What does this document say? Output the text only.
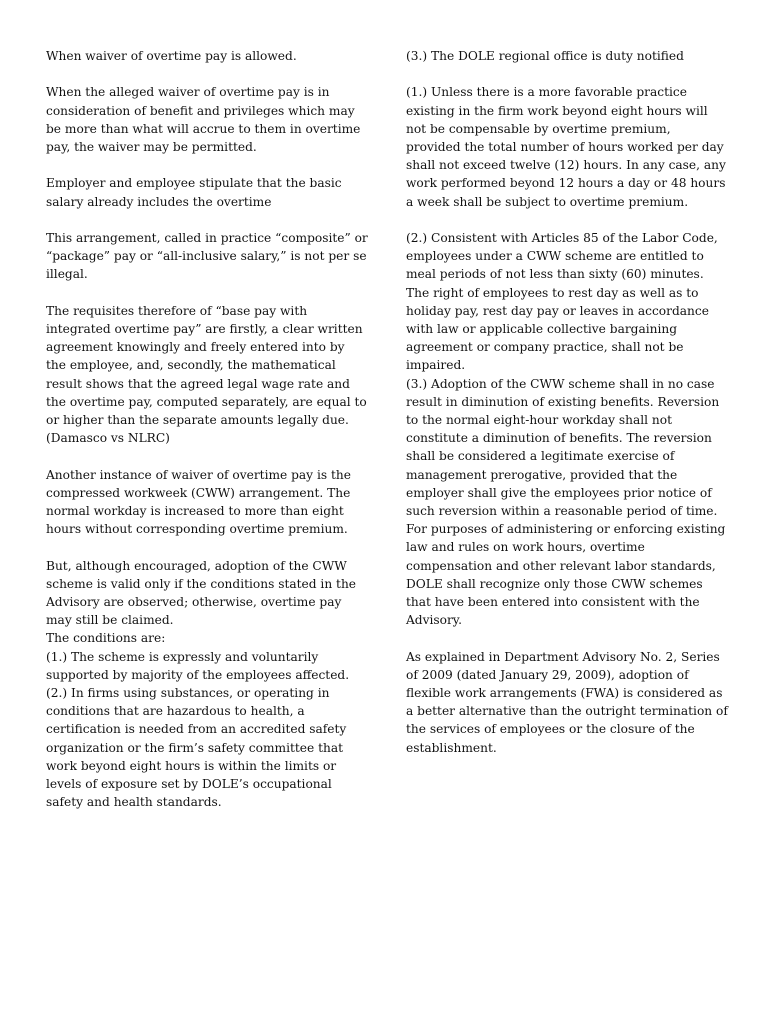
When waiver of overtime pay is allowed.

When the alleged waiver of overtime pay is in consideration of benefit and privileges which may be more than what will accrue to them in overtime pay, the waiver may be permitted.

Employer and employee stipulate that the basic salary already includes the overtime

This arrangement, called in practice “composite” or “package” pay or “all-inclusive salary,” is not per se illegal.

The requisites therefore of “base pay with integrated overtime pay” are firstly, a clear written agreement knowingly and freely entered into by the employee, and, secondly, the mathematical result shows that the agreed legal wage rate and the overtime pay, computed separately, are equal to or higher than the separate amounts legally due. (Damasco vs NLRC)

Another instance of waiver of overtime pay is the compressed workweek (CWW) arrangement. The normal workday is increased to more than eight hours without corresponding overtime premium.

But, although encouraged, adoption of the CWW scheme is valid only if the conditions stated in the Advisory are observed; otherwise, overtime pay may still be claimed.

The conditions are:

(1.) The scheme is expressly and voluntarily supported by majority of the employees affected.

(2.) In firms using substances, or operating in conditions that are hazardous to health, a certification is needed from an accredited safety organization or the firm’s safety committee that work beyond eight hours is within the limits or levels of exposure set by DOLE’s occupational safety and health standards.

(3.) The DOLE regional office is duty notified

(1.) Unless there is a more favorable practice existing in the firm work beyond eight hours will not be compensable by overtime premium, provided the total number of hours worked per day shall not exceed twelve (12) hours. In any case, any work performed beyond 12 hours a day or 48 hours a week shall be subject to overtime premium.

(2.) Consistent with Articles 85 of the Labor Code, employees under a CWW scheme are entitled to meal periods of not less than sixty (60) minutes. The right of employees to rest day as well as to holiday pay, rest day pay or leaves in accordance with law or applicable collective bargaining agreement or company practice, shall not be impaired.

(3.) Adoption of the CWW scheme shall in no case result in diminution of existing benefits. Reversion to the normal eight-hour workday shall not constitute a diminution of benefits. The reversion shall be considered a legitimate exercise of management prerogative, provided that the employer shall give the employees prior notice of such reversion within a reasonable period of time.

For purposes of administering or enforcing existing law and rules on work hours, overtime compensation and other relevant labor standards, DOLE shall recognize only those CWW schemes that have been entered into consistent with the Advisory.

As explained in Department Advisory No. 2, Series of 2009 (dated January 29, 2009), adoption of flexible work arrangements (FWA) is considered as a better alternative than the outright termination of the services of employees or the closure of the establishment.
